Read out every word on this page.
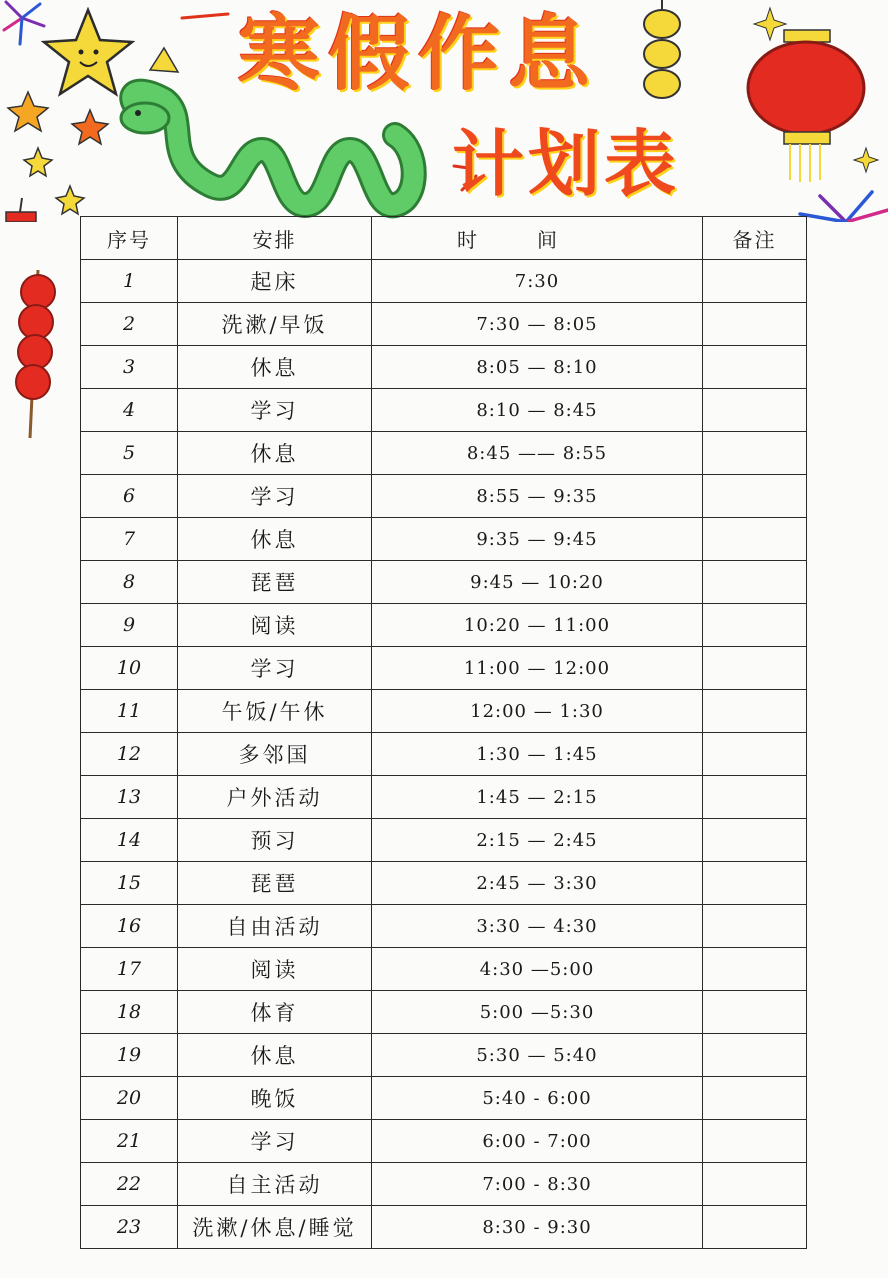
寒假作息
计划表
序号	安排	时间	备注
1	起床	7:30	
2	洗漱/早饭	7:30 — 8:05	
3	休息	8:05 — 8:10	
4	学习	8:10 — 8:45	
5	休息	8:45 —— 8:55	
6	学习	8:55 — 9:35	
7	休息	9:35 — 9:45	
8	琵琶	9:45 — 10:20	
9	阅读	10:20 — 11:00	
10	学习	11:00 — 12:00	
11	午饭/午休	12:00 — 1:30	
12	多邻国	1:30 — 1:45	
13	户外活动	1:45 — 2:15	
14	预习	2:15 — 2:45	
15	琵琶	2:45 — 3:30	
16	自由活动	3:30 — 4:30	
17	阅读	4:30 —5:00	
18	体育	5:00 —5:30	
19	休息	5:30 — 5:40	
20	晚饭	5:40 - 6:00	
21	学习	6:00 - 7:00	
22	自主活动	7:00 - 8:30	
23	洗漱/休息/睡觉	8:30 - 9:30	
